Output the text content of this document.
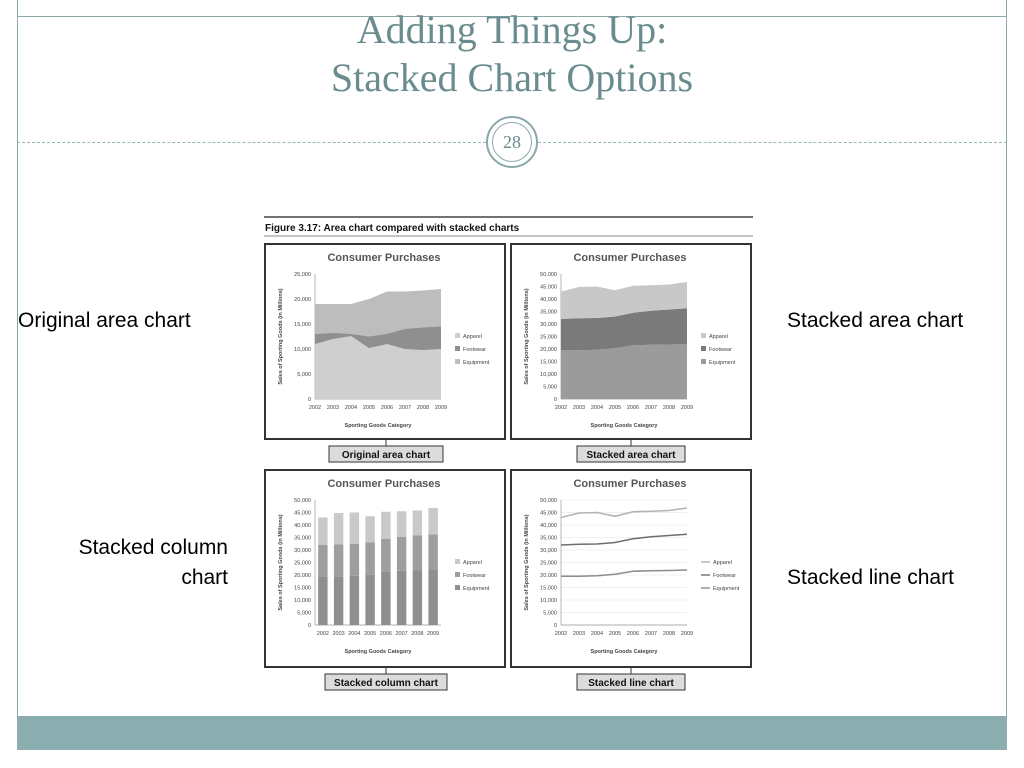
Adding Things Up:
Stacked Chart Options
28
Original area chart	Stacked area chart
Stacked column
chart	Stacked line chart
Figure 3.17: Area chart compared with stacked charts
Consumer Purchases
0
5,000
10,000
15,000
20,000
25,000
Sales of Sporting Goods (in Millions)
Sporting Goods Category
2002 2003 2004 2005 2006 2007 2008 2009
Apparel
Footwear
Equipment
Original area chart
Consumer Purchases
0
5,000
10,000
15,000
20,000
25,000
30,000
35,000
40,000
45,000
50,000
Sales of Sporting Goods (in Millions)
Sporting Goods Category
2002 2003 2004 2005 2006 2007 2008 2009
Apparel
Footwear
Equipment
Stacked area chart
Consumer Purchases
0
5,000
10,000
15,000
20,000
25,000
30,000
35,000
40,000
45,000
50,000
Sales of Sporting Goods (in Millions)
Sporting Goods Category
2002 2003 2004 2005 2006 2007 2008 2009
Apparel
Footwear
Equipment
Stacked column chart
Consumer Purchases
0
5,000
10,000
15,000
20,000
25,000
30,000
35,000
40,000
45,000
50,000
Sales of Sporting Goods (in Millions)
Sporting Goods Category
2002 2003 2004 2005 2006 2007 2008 2009
Apparel
Footwear
Equipment
Stacked line chart
